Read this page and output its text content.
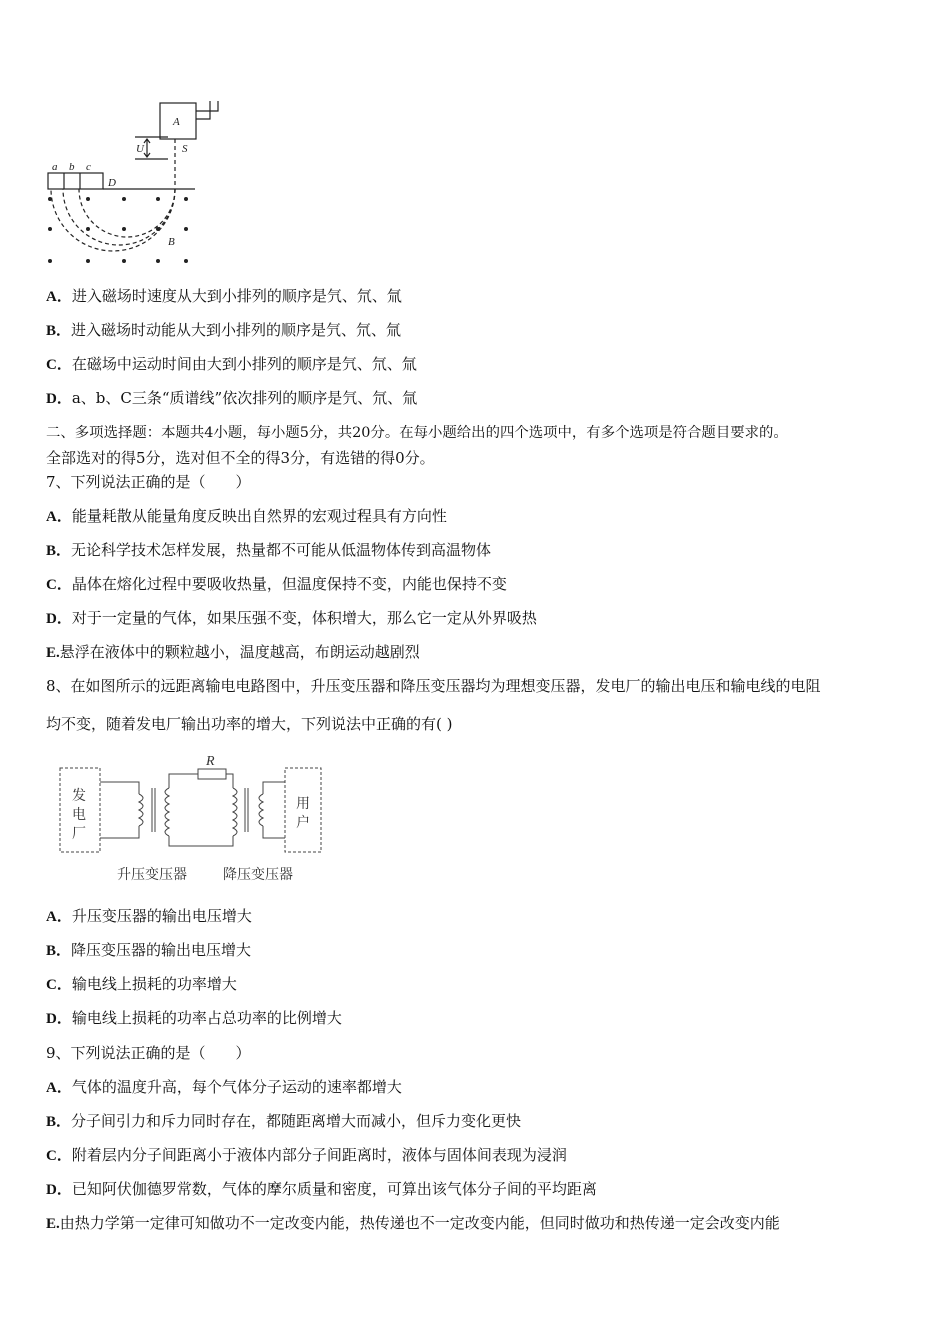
A
U	S
D
B
a b c
A．进入磁场时速度从大到小排列的顺序是氕、氘、氚
B．进入磁场时动能从大到小排列的顺序是氕、氘、氚
C．在磁场中运动时间由大到小排列的顺序是氕、氘、氚
D．a、b、C三条“质谱线”依次排列的顺序是氕、氘、氚
二、多项选择题：本题共4小题，每小题5分，共20分。在每小题给出的四个选项中，有多个选项是符合题目要求的。
全部选对的得5分，选对但不全的得3分，有选错的得0分。
7、下列说法正确的是（　　）
A．能量耗散从能量角度反映出自然界的宏观过程具有方向性
B．无论科学技术怎样发展，热量都不可能从低温物体传到高温物体
C．晶体在熔化过程中要吸收热量，但温度保持不变，内能也保持不变
D．对于一定量的气体，如果压强不变，体积增大，那么它一定从外界吸热
E.悬浮在液体中的颗粒越小，温度越高，布朗运动越剧烈
8、在如图所示的远距离输电电路图中，升压变压器和降压变压器均为理想变压器，发电厂的输出电压和输电线的电阻
均不变，随着发电厂输出功率的增大，下列说法中正确的有( )
R
发
电
厂
用
户
升压变压器	降压变压器
A．升压变压器的输出电压增大
B．降压变压器的输出电压增大
C．输电线上损耗的功率增大
D．输电线上损耗的功率占总功率的比例增大
9、下列说法正确的是（　　）
A．气体的温度升高，每个气体分子运动的速率都增大
B．分子间引力和斥力同时存在，都随距离增大而减小，但斥力变化更快
C．附着层内分子间距离小于液体内部分子间距离时，液体与固体间表现为浸润
D．已知阿伏伽德罗常数，气体的摩尔质量和密度，可算出该气体分子间的平均距离
E.由热力学第一定律可知做功不一定改变内能，热传递也不一定改变内能，但同时做功和热传递一定会改变内能
